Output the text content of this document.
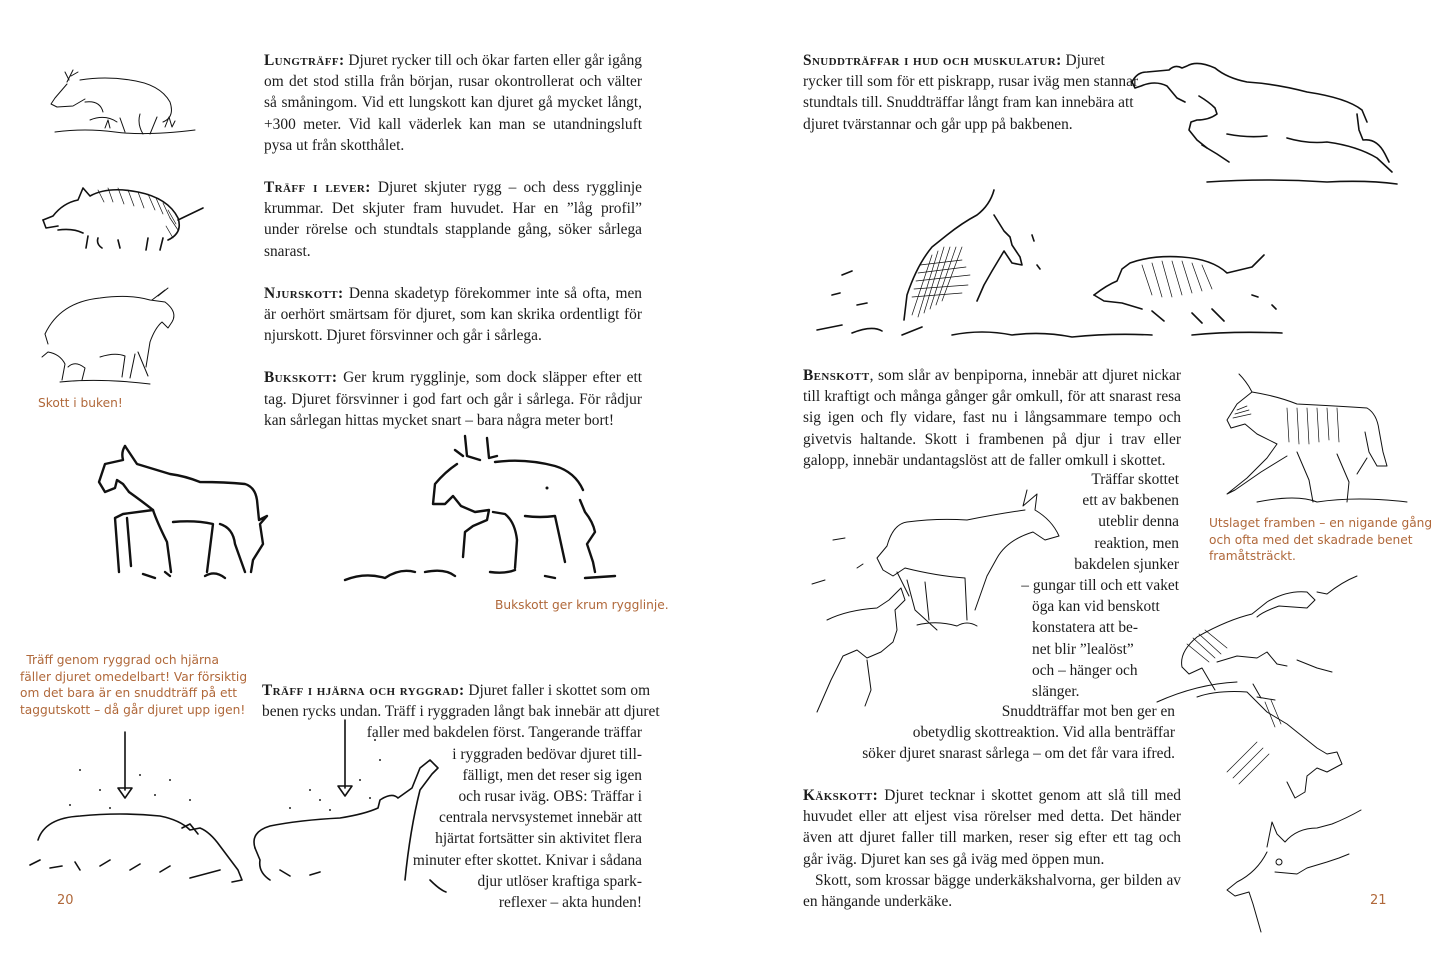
Skott i buken!

Lungträff: Djuret rycker till och ökar farten eller går igång om det stod stilla från början, rusar okontrollerat och välter så småningom. Vid ett lungskott kan djuret gå mycket långt, +300 meter. Vid kall väderlek kan man se utandningsluft pysa ut från skotthålet.

Träff i lever: Djuret skjuter rygg – och dess rygglinje krummar. Det skjuter fram huvudet. Har en ”låg profil” under rörelse och stundtals stapplande gång, söker sårlega snarast.

Njurskott: Denna skadetyp förekommer inte så ofta, men är oerhört smärtsam för djuret, som kan skrika ordentligt för njurskott. Djuret försvinner och går i sårlega.

Bukskott: Ger krum rygglinje, som dock släpper efter ett tag. Djuret försvinner i god fart och går i sårlega. För rådjur kan sårlegan hittas mycket snart – bara några meter bort!

Bukskott ger krum rygglinje.
Träff genom ryggrad och hjärna
fäller djuret omedelbart! Var försiktig
om det bara är en snuddträff på ett
taggutskott – då går djuret upp igen!
Träff i hjärna och ryggrad: Djuret faller i skottet som om
benen rycks undan. Träff i ryggraden långt bak innebär att djuret
faller med bakdelen först. Tangerande träffar
i ryggraden bedövar djuret till-
fälligt, men det reser sig igen
och rusar iväg. OBS: Träffar i
centrala nervsystemet innebär att
hjärtat fortsätter sin aktivitet flera
minuter efter skottet. Knivar i sådana
djur utlöser kraftiga spark-
reflexer – akta hunden!
20
Snuddträffar i hud och muskulatur: Djuret
rycker till som för ett piskrapp, rusar iväg men stannar
stundtals till. Snuddträffar långt fram kan innebära att
djuret tvärstannar och går upp på bakbenen.

Benskott, som slår av benpiporna, innebär att djuret nickar till kraftigt och många gånger går omkull, för att snarast resa sig igen och fly vidare, fast nu i långsammare tempo och givetvis haltande. Skott i frambenen på djur i trav eller galopp, innebär undantagslöst att de faller omkull i skottet.

Utslaget framben – en nigande gång
och ofta med det skadrade benet
framåtsträckt.
Träffar skottet
ett av bakbenen
uteblir denna
reaktion, men
bakdelen sjunker
– gungar till och ett vaket
öga kan vid benskott
konstatera att be-
net blir ”lealöst”
och – hänger och
slänger.
Snuddträffar mot ben ger en
obetydlig skottreaktion. Vid alla benträffar
söker djuret snarast sårlega – om det får vara ifred.

Käkskott: Djuret tecknar i skottet genom att slå till med huvudet eller att eljest visa rörelser med detta. Det händer även att djuret faller till marken, reser sig efter ett tag och går iväg. Djuret kan ses gå iväg med öppen mun.

Skott, som krossar bägge underkäkshalvorna, ger bilden av en hängande underkäke.	21
